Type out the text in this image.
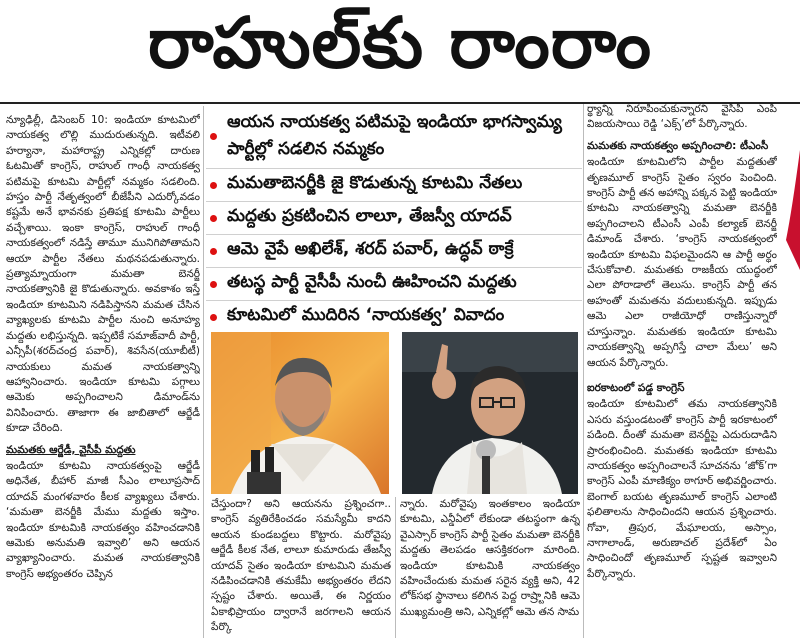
రాహుల్‌కు రాంరాం

న్యూఢిల్లీ, డిసెంబర్‌ 10: ఇండియా కూటమిలో నాయకత్వ లొల్లి ముదురుతున్నది. ఇటీవలి హర్యానా, మహారాష్ట్ర ఎన్నికల్లో దారుణ ఓటమితో కాంగ్రెస్‌, రాహుల్‌ గాంధీ నాయకత్వ పటిమపై కూటమి పార్టీల్లో నమ్మకం సడలింది. హస్తం పార్టీ నేతృత్వంలో బీజేపీని ఎదుర్కోవడం కష్టమే అనే భావనకు ప్రతిపక్ష కూటమి పార్టీలు వచ్చేశాయి. ఇంకా కాంగ్రెస్‌, రాహుల్‌ గాంధీ నాయకత్వంలో నడిస్తే తామూ మునిగిపోతామని ఆయా పార్టీల నేతలు మథనపడుతున్నారు. ప్రత్యామ్నాయంగా మమతా బెనర్జీ నాయకత్వానికి జై కొడుతున్నారు. అవకాశం ఇస్తే ఇండియా కూటమిని నడిపిస్తానని మమత చేసిన వ్యాఖ్యలకు కూటమి పార్టీల నుంచి అనూహ్య మద్దతు లభిస్తున్నది. ఇప్పటికే సమాజ్‌వాదీ పార్టీ, ఎన్సీపీ(శరద్‌చంద్ర పవార్‌), శివసేన(యూబీటీ) నాయకులు మమత నాయకత్వాన్ని ఆహ్వానించారు. ఇండియా కూటమి పగ్గాలు ఆమెకు అప్పగించాలని డిమాండ్‌ను వినిపించారు. తాజాగా ఈ జాబితాలో ఆర్జేడీ కూడా చేరింది.

మమతకు ఆర్జేడీ, వైసీపీ మద్దతు

ఇండియా కూటమి నాయకత్వంపై ఆర్జేడీ అధినేత, బీహార్‌ మాజీ సీఎం లాలూప్రసాద్‌ యాదవ్‌ మంగళవారం కీలక వ్యాఖ్యలు చేశారు. ‘మమతా బెనర్జీకి మేము మద్దతు ఇస్తాం. ఇండియా కూటమికి నాయకత్వం వహించడానికి ఆమెకు అనుమతి ఇవ్వాలి’ అని ఆయన వ్యాఖ్యానించారు. మమత నాయకత్వానికి కాంగ్రెస్‌ అభ్యంతరం చెప్పిన

ఆయన నాయకత్వ పటిమపై ఇండియా భాగస్వామ్య పార్టీల్లో సడలిన నమ్మకం
మమతాబెనర్జీకి జై కొడుతున్న కూటమి నేతలు
మద్దతు ప్రకటించిన లాలూ, తేజస్వీ యాదవ్
ఆమె వైపే అఖిలేశ్‌, శరద్‌ పవార్‌, ఉద్ధవ్‌ ఠాక్రే
తటస్థ పార్టీ వైసీపీ నుంచీ ఊహించని మద్దతు
కూటమిలో ముదిరిన ‘నాయకత్వ’ వివాదం

చేస్తుందా? అని ఆయనను ప్రశ్నించగా.. కాంగ్రెస్‌ వ్యతిరేకించడం సమస్యేమీ కాదని ఆయన కుండబద్దలు కొట్టారు. మరోవైపు ఆర్జేడీ కీలక నేత, లాలూ కుమారుడు తేజస్వీ యాదవ్‌ సైతం ఇండియా కూటమిని మమత నడిపించడానికి తమకేమీ అభ్యంతరం లేదని స్పష్టం చేశారు. అయితే, ఈ నిర్ణయం ఏకాభిప్రాయం ద్వారానే జరగాలని ఆయన పేర్కొ

న్నారు. మరోవైపు ఇంతకాలం ఇండియా కూటమి, ఎన్డీఏలో లేకుండా తటస్థంగా ఉన్న వైఎస్సార్‌ కాంగ్రెస్‌ పార్టీ సైతం మమతా బెనర్జీకి మద్దతు తెలపడం ఆసక్తికరంగా మారింది. ఇండియా కూటమికి నాయకత్వం వహించేందుకు మమత సరైన వ్యక్తి అని, 42 లోక్‌సభ స్థానాలు కలిగిన పెద్ద రాష్ర్టానికి ఆమె ముఖ్యమంత్రి అని, ఎన్నికల్లో ఆమె తన సామ

ర్థ్యాన్ని నిరూపించుకున్నారని వైసీపీ ఎంపీ విజయసాయి రెడ్డి ‘ఎక్స్‌’లో పేర్కొన్నారు.

మమతకు నాయకత్వం అప్పగించాలి: టీఎంసీ

ఇండియా కూటమిలోని పార్టీల మద్దతుతో తృణమూల్‌ కాంగ్రెస్‌ సైతం స్వరం పెంచింది. కాంగ్రెస్‌ పార్టీ తన అహాన్ని పక్కన పెట్టి ఇండియా కూటమి నాయకత్వాన్ని మమతా బెనర్జీకి అప్పగించాలని టీఎంసీ ఎంపీ కల్యాణ్‌ బెనర్జీ డిమాండ్‌ చేశారు. ‘కాంగ్రెస్‌ నాయకత్వంలో ఇండియా కూటమి విఫలమైందని ఆ పార్టీ అర్థం చేసుకోవాలి. మమతకు రాజకీయ యుద్ధంలో ఎలా పోరాడాలో తెలుసు. కాంగ్రెస్‌ పార్టీ తన అహంతో మమతను వదులుకున్నది. ఇప్పుడు ఆమె ఎలా రాజీయోధో రాణిస్తున్నారో చూస్తున్నాం. మమతకు ఇండియా కూటమి నాయకత్వాన్ని అప్పగిస్తే చాలా మేలు’ అని ఆయన పేర్కొన్నారు.

ఐరకాటంలో పడ్డ కాంగ్రెస్‌

ఇండియా కూటమిలో తమ నాయకత్వానికి ఎసరు వస్తుండటంతో కాంగ్రెస్‌ పార్టీ ఇరకాటంలో పడింది. దీంతో మమతా బెనర్జీపై ఎదురుదాడిని ప్రారంభించింది. మమతకు ఇండియా కూటమి నాయకత్వం అప్పగించాలనే సూచనను ‘జోక్‌’గా కాంగ్రెస్‌ ఎంపీ మాణిక్యం ఠాగూర్‌ అభివర్ణించారు. బెంగాల్‌ బయట తృణమూల్‌ కాంగ్రెస్‌ ఎలాంటి ఫలితాలను సాధించిందని ఆయన ప్రశ్నించారు. గోవా, త్రిపుర, మేఘాలయ, అస్సాం, నాగాలాండ్‌, అరుణాచల్‌ ప్రదేశ్‌లో ఏం సాధించిందో తృణమూల్‌ స్పష్టత ఇవ్వాలని పేర్కొన్నారు.
